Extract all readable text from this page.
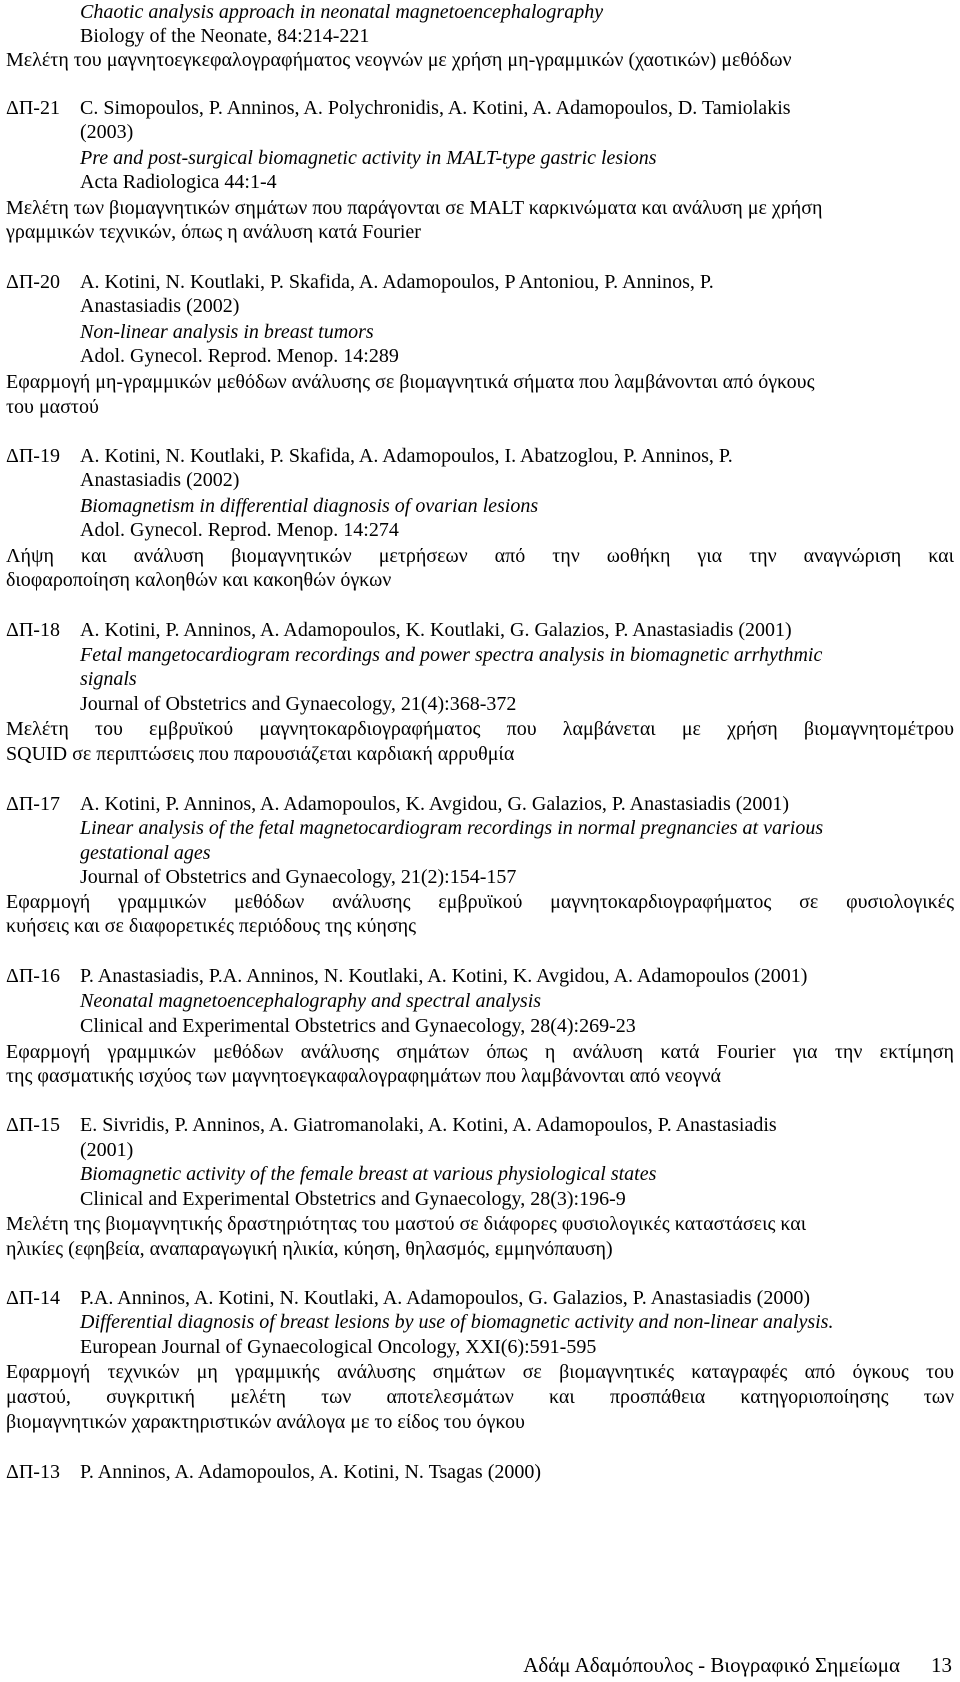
Chaotic analysis approach in neonatal magnetoencephalography
Biology of the Neonate, 84:214-221
Μελέτη του μαγνητοεγκεφαλογραφήματος νεογνών με χρήση μη-γραμμικών (χαοτικών) μεθόδων
ΔΠ-21 C. Simopoulos, P. Anninos, A. Polychronidis, A. Kotini, A. Adamopoulos, D. Tamiolakis
(2003)
Pre and post-surgical biomagnetic activity in MALT-type gastric lesions
Acta Radiologica 44:1-4
Μελέτη των βιομαγνητικών σημάτων που παράγονται σε MALT καρκινώματα και ανάλυση με χρήση
γραμμικών τεχνικών, όπως η ανάλυση κατά Fourier
ΔΠ-20 A. Kotini, N. Koutlaki, P. Skafida, A. Adamopoulos, P Antoniou, P. Anninos, P.
Anastasiadis (2002)
Non-linear analysis in breast tumors
Adol. Gynecol. Reprod. Menop. 14:289
Εφαρμογή μη-γραμμικών μεθόδων ανάλυσης σε βιομαγνητικά σήματα που λαμβάνονται από όγκους
του μαστού
ΔΠ-19 A. Kotini, N. Koutlaki, P. Skafida, A. Adamopoulos, I. Abatzoglou, P. Anninos, P.
Anastasiadis (2002)
Biomagnetism in differential diagnosis of ovarian lesions
Adol. Gynecol. Reprod. Menop. 14:274
Λήψη και ανάλυση βιομαγνητικών μετρήσεων από την ωοθήκη για την αναγνώριση και
διοφαροποίηση καλοηθών και κακοηθών όγκων
ΔΠ-18 A. Kotini, P. Anninos, A. Adamopoulos, K. Koutlaki, G. Galazios, P. Anastasiadis (2001)
Fetal mangetocardiogram recordings and power spectra analysis in biomagnetic arrhythmic
signals
Journal of Obstetrics and Gynaecology, 21(4):368-372
Μελέτη του εμβρυϊκού μαγνητοκαρδιογραφήματος που λαμβάνεται με χρήση βιομαγνητομέτρου
SQUID σε περιπτώσεις που παρουσιάζεται καρδιακή αρρυθμία
ΔΠ-17 A. Kotini, P. Anninos, A. Adamopoulos, K. Avgidou, G. Galazios, P. Anastasiadis (2001)
Linear analysis of the fetal magnetocardiogram recordings in normal pregnancies at various
gestational ages
Journal of Obstetrics and Gynaecology, 21(2):154-157
Εφαρμογή γραμμικών μεθόδων ανάλυσης εμβρυϊκού μαγνητοκαρδιογραφήματος σε φυσιολογικές
κυήσεις και σε διαφορετικές περιόδους της κύησης
ΔΠ-16 P. Anastasiadis, P.A. Anninos, N. Koutlaki, A. Kotini, K. Avgidou, A. Adamopoulos (2001)
Neonatal magnetoencephalography and spectral analysis
Clinical and Experimental Obstetrics and Gynaecology, 28(4):269-23
Εφαρμογή γραμμικών μεθόδων ανάλυσης σημάτων όπως η ανάλυση κατά Fourier για την εκτίμηση
της φασματικής ισχύος των μαγνητοεγκαφαλογραφημάτων που λαμβάνονται από νεογνά
ΔΠ-15 E. Sivridis, P. Anninos, A. Giatromanolaki, A. Kotini, A. Adamopoulos, P. Anastasiadis
(2001)
Biomagnetic activity of the female breast at various physiological states
Clinical and Experimental Obstetrics and Gynaecology, 28(3):196-9
Μελέτη της βιομαγνητικής δραστηριότητας του μαστού σε διάφορες φυσιολογικές καταστάσεις και
ηλικίες (εφηβεία, αναπαραγωγική ηλικία, κύηση, θηλασμός, εμμηνόπαυση)
ΔΠ-14 P.A. Anninos, A. Kotini, N. Koutlaki, A. Adamopoulos, G. Galazios, P. Anastasiadis (2000)
Differential diagnosis of breast lesions by use of biomagnetic activity and non-linear analysis.
European Journal of Gynaecological Oncology, XXI(6):591-595
Εφαρμογή τεχνικών μη γραμμικής ανάλυσης σημάτων σε βιομαγνητικές καταγραφές από όγκους του
μαστού, συγκριτική μελέτη των αποτελεσμάτων και προσπάθεια κατηγοριοποίησης των
βιομαγνητικών χαρακτηριστικών ανάλογα με το είδος του όγκου
ΔΠ-13 P. Anninos, A. Adamopoulos, A. Kotini, N. Tsagas (2000)
Αδάμ Αδαμόπουλος - Βιογραφικό Σημείωμα 13
